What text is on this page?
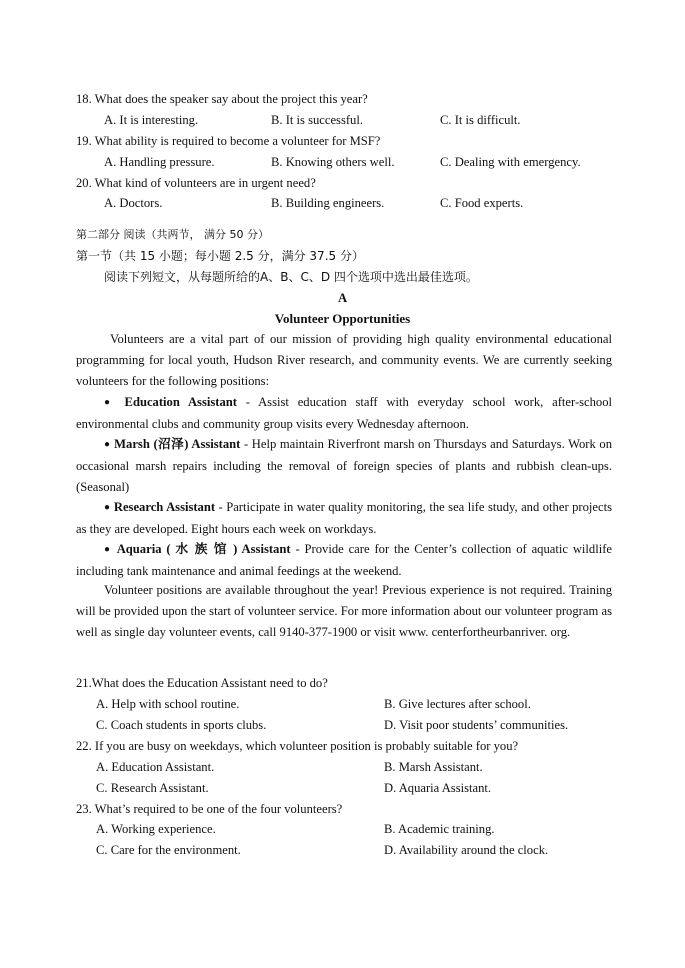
18. What does the speaker say about the project this year?
A. It is interesting.	B. It is successful.	C. It is difficult.
19. What ability is required to become a volunteer for MSF?
A. Handling pressure.	B. Knowing others well.	C. Dealing with emergency.
20. What kind of volunteers are in urgent need?
A. Doctors.	B. Building engineers.	C. Food experts.
第二部分 阅读（共两节， 满分 50 分）
第一节（共 15 小题；每小题 2.5 分，满分 37.5 分）
阅读下列短文，从每题所给的A、B、C、D 四个选项中选出最佳选项。
A
Volunteer Opportunities

Volunteers are a vital part of our mission of providing high quality environmental educational programming for local youth, Hudson River research, and community events. We are currently seeking volunteers for the following positions:

● Education Assistant - Assist education staff with everyday school work, after-school environmental clubs and community group visits every Wednesday afternoon.

● Marsh (沼泽) Assistant - Help maintain Riverfront marsh on Thursdays and Saturdays. Work on occasional marsh repairs including the removal of foreign species of plants and rubbish clean-ups. (Seasonal)

● Research Assistant - Participate in water quality monitoring, the sea life study, and other projects as they are developed. Eight hours each week on workdays.

● Aquaria ( 水 族 馆 ) Assistant - Provide care for the Center’s collection of aquatic wildlife including tank maintenance and animal feedings at the weekend.

Volunteer positions are available throughout the year! Previous experience is not required. Training will be provided upon the start of volunteer service. For more information about our volunteer program as well as single day volunteer events, call 9140-377-1900 or visit www. centerfortheurbanriver. org.

21.What does the Education Assistant need to do?
A. Help with school routine.	B. Give lectures after school.
C. Coach students in sports clubs.	D. Visit poor students’ communities.
22. If you are busy on weekdays, which volunteer position is probably suitable for you?
A. Education Assistant.	B. Marsh Assistant.
C. Research Assistant.	D. Aquaria Assistant.
23. What’s required to be one of the four volunteers?
A. Working experience.	B. Academic training.
C. Care for the environment.	D. Availability around the clock.
